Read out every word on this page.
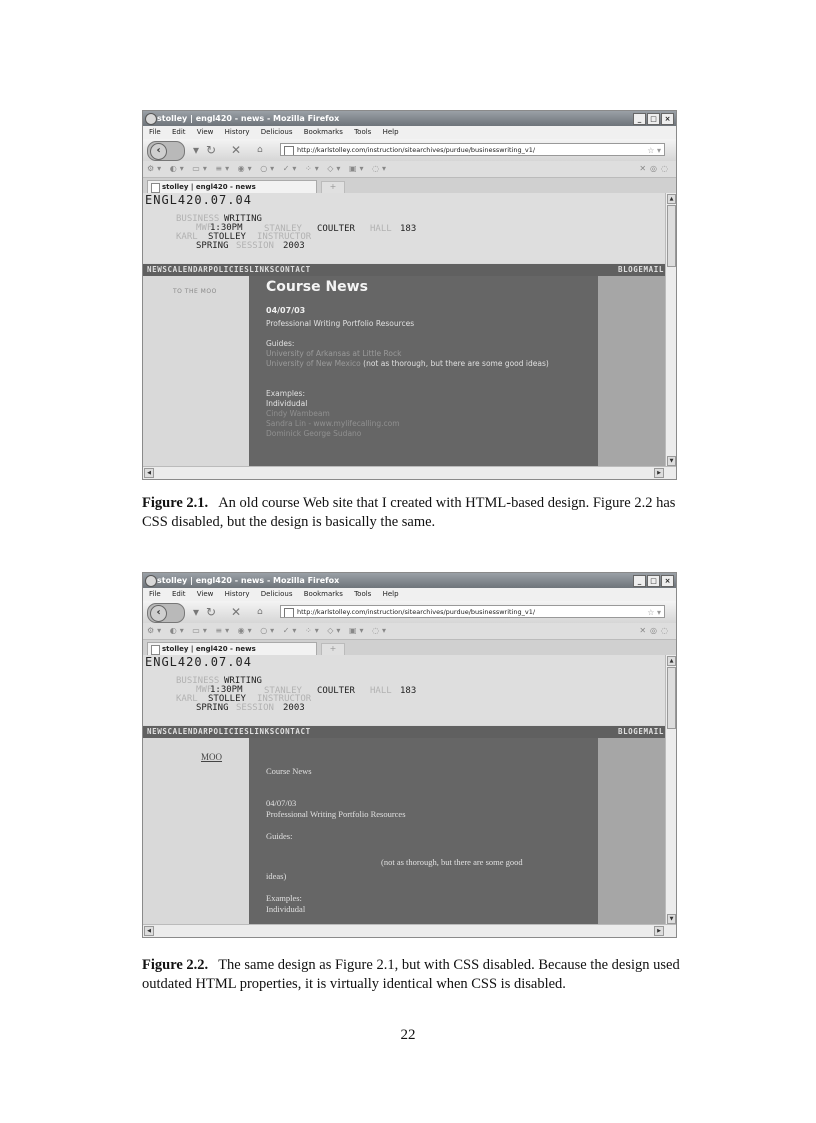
stolley | engl420 - news - Mozilla Firefox	_	□	×
File Edit View History Delicious Bookmarks Tools Help
‹	▾ ↻ ✕ ⌂	http://karlstolley.com/instruction/sitearchives/purdue/businesswriting_v1/	☆ ▾
⚙▾ ◐▾ ▭▾ ≡▾ ◉▾ ○▾ ✓▾ ⁘▾ ◇▾ ▣▾ ◌▾	✕◎◌
stolley | engl420 - news	+
ENGL420.07.04
BUSINESS WRITING
MWF
1:30PM STANLEY COULTER HALL 183
KARL STOLLEY INSTRUCTOR
SPRING SESSION 2003
NEWSCALENDARPOLICIESLINKSCONTACT	BLOGEMAIL
TO THE MOO	Course News
04/07/03
Professional Writing Portfolio Resources
Guides:
University of Arkansas at Little Rock
University of New Mexico (not as thorough, but there are some good ideas)
Examples:
Individudal
Cindy Wambeam
Sandra Lin - www.mylifecalling.com
Dominick George Sudano
▲
▼
◀	▶
Figure 2.1. An old course Web site that I created with HTML-based design. Figure 2.2 has CSS disabled, but the design is basically the same.
stolley | engl420 - news - Mozilla Firefox	_	□	×
File Edit View History Delicious Bookmarks Tools Help
‹	▾ ↻ ✕ ⌂	http://karlstolley.com/instruction/sitearchives/purdue/businesswriting_v1/	☆ ▾
⚙▾ ◐▾ ▭▾ ≡▾ ◉▾ ○▾ ✓▾ ⁘▾ ◇▾ ▣▾ ◌▾	✕◎◌
stolley | engl420 - news	+
ENGL420.07.04
BUSINESS WRITING
MWF
1:30PM STANLEY COULTER HALL 183
KARL STOLLEY INSTRUCTOR
SPRING SESSION 2003
NEWSCALENDARPOLICIESLINKSCONTACT	BLOGEMAIL
MOO
Course News
04/07/03
Professional Writing Portfolio Resources
Guides:
(not as thorough, but there are some good
ideas)
Examples:
Individudal
▲
▼
◀	▶
Figure 2.2. The same design as Figure 2.1, but with CSS disabled. Because the design used outdated HTML properties, it is virtually identical when CSS is disabled.
22
